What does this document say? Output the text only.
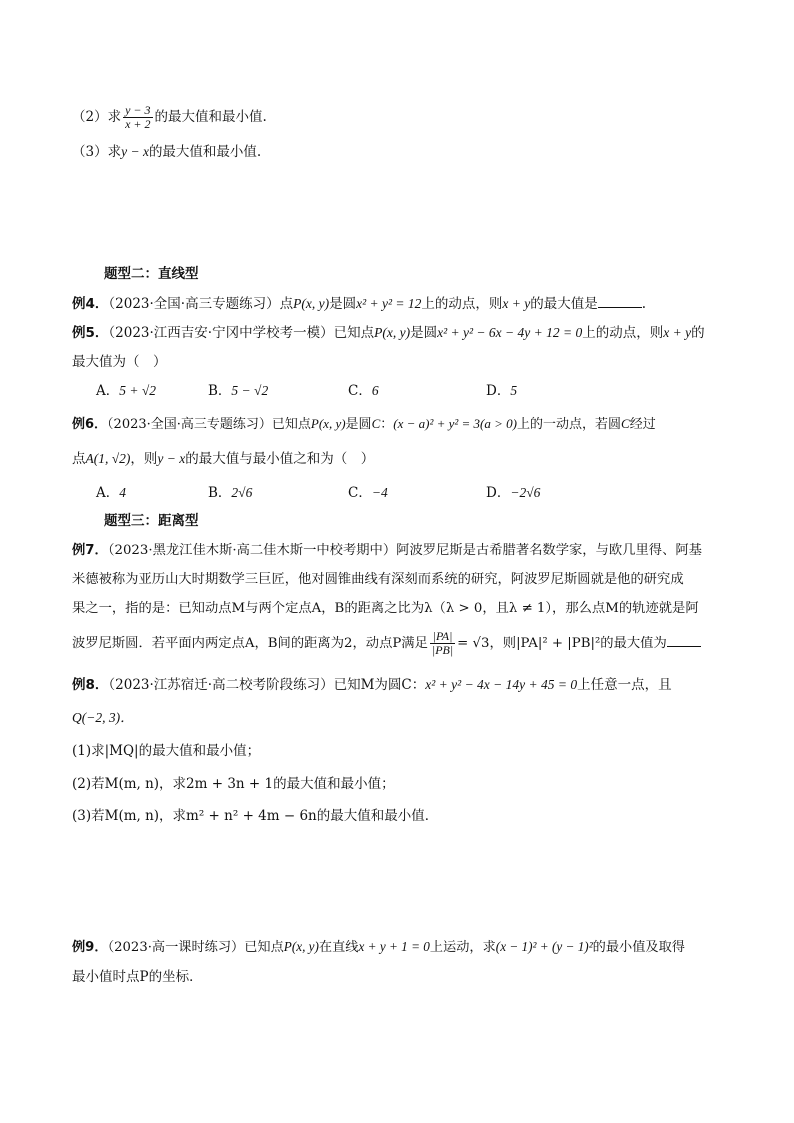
（2）求 $\frac{y - 3}{x + 2}$ 的最大值和最小值.
（3）求y − x的最大值和最小值.
题型二：直线型
例4．（2023·全国·高三专题练习）点P(x, y)是圆x² + y² = 12上的动点，则x + y的最大值是	.
例5．（2023·江西吉安·宁冈中学校考一模）已知点P(x, y)是圆x² + y² − 6x − 4y + 12 = 0上的动点，则x + y的
最大值为（　）
A．5 + √2	B．5 − √2	C．6	D．5
例6．（2023·全国·高三专题练习）已知点P(x, y)是圆C：(x − a)² + y² = 3(a > 0)上的一动点，若圆C经过
点A(1, √2)，则y − x的最大值与最小值之和为（　）
A．4	B．2√6	C．−4	D．−2√6
题型三：距离型
例7．（2023·黑龙江佳木斯·高二佳木斯一中校考期中）阿波罗尼斯是古希腊著名数学家，与欧几里得、阿基
米德被称为亚历山大时期数学三巨匠，他对圆锥曲线有深刻而系统的研究，阿波罗尼斯圆就是他的研究成
果之一，指的是：已知动点M与两个定点A，B的距离之比为λ（λ > 0，且λ ≠ 1），那么点M的轨迹就是阿
波罗尼斯圆．若平面内两定点A，B间的距离为2，动点P满足 $\frac{|PA|}{|PB|} = √3$，则|PA|² + |PB|²的最大值为
例8．（2023·江苏宿迁·高二校考阶段练习）已知M为圆C：x² + y² − 4x − 14y + 45 = 0上任意一点，且
Q(−2, 3)．
(1)求|MQ|的最大值和最小值；
(2)若M(m, n)，求2m + 3n + 1的最大值和最小值；
(3)若M(m, n)，求m² + n² + 4m − 6n的最大值和最小值．
例9．（2023·高一课时练习）已知点P(x, y)在直线x + y + 1 = 0上运动，求(x − 1)² + (y − 1)²的最小值及取得
最小值时点P的坐标．
